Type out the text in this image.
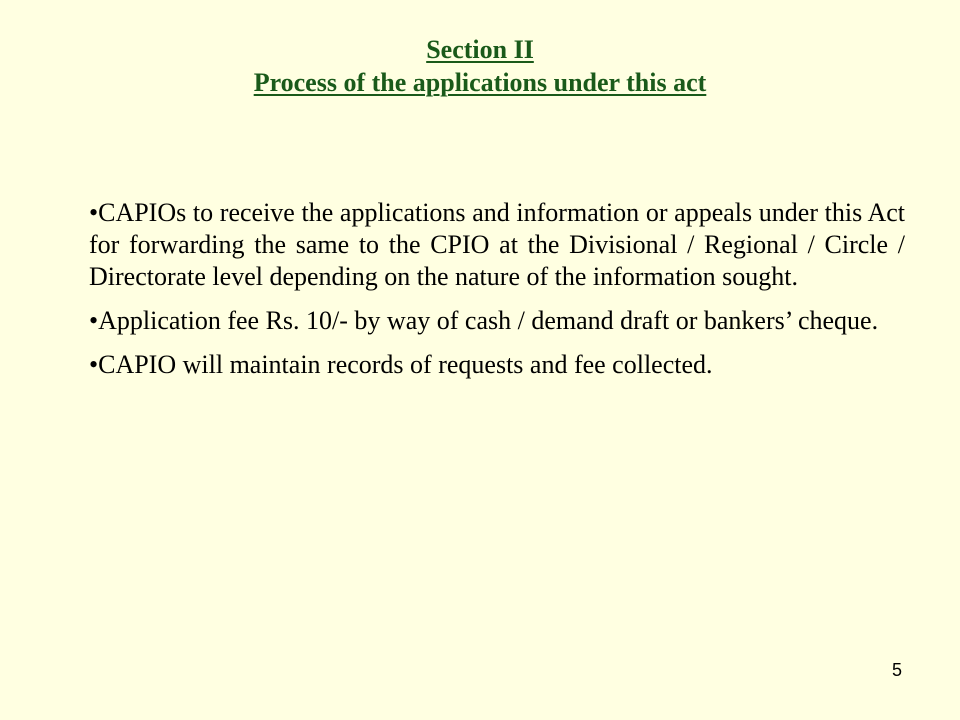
Section II
Process of the applications under this act

•CAPIOs to receive the applications and information or appeals under this Act for forwarding the same to the CPIO at the Divisional / Regional / Circle / Directorate level depending on the nature of the information sought.

•Application fee Rs. 10/- by way of cash / demand draft or bankers’ cheque.

•CAPIO will maintain records of requests and fee collected.

5
